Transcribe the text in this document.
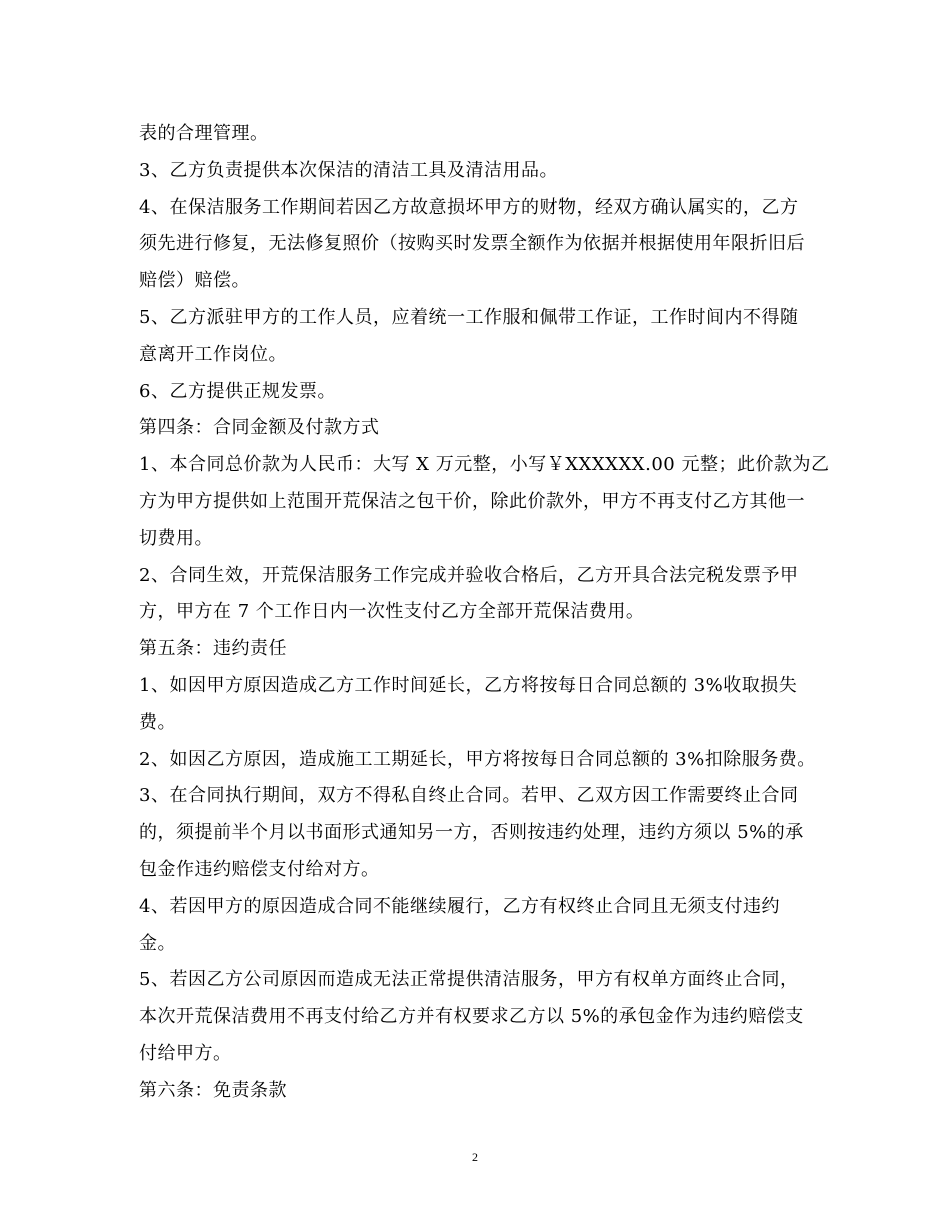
表的合理管理。

3、乙方负责提供本次保洁的清洁工具及清洁用品。

4、在保洁服务工作期间若因乙方故意损坏甲方的财物，经双方确认属实的，乙方
须先进行修复，无法修复照价（按购买时发票全额作为依据并根据使用年限折旧后
赔偿）赔偿。

5、乙方派驻甲方的工作人员，应着统一工作服和佩带工作证，工作时间内不得随
意离开工作岗位。

6、乙方提供正规发票。

第四条：合同金额及付款方式

1、本合同总价款为人民币：大写 X 万元整，小写￥XXXXXX.00 元整；此价款为乙
方为甲方提供如上范围开荒保洁之包干价，除此价款外，甲方不再支付乙方其他一
切费用。

2、合同生效，开荒保洁服务工作完成并验收合格后，乙方开具合法完税发票予甲
方，甲方在 7 个工作日内一次性支付乙方全部开荒保洁费用。

第五条：违约责任

1、如因甲方原因造成乙方工作时间延长，乙方将按每日合同总额的 3%收取损失
费。

2、如因乙方原因，造成施工工期延长，甲方将按每日合同总额的 3%扣除服务费。

3、在合同执行期间，双方不得私自终止合同。若甲、乙双方因工作需要终止合同
的，须提前半个月以书面形式通知另一方，否则按违约处理，违约方须以 5%的承
包金作违约赔偿支付给对方。

4、若因甲方的原因造成合同不能继续履行，乙方有权终止合同且无须支付违约
金。

5、若因乙方公司原因而造成无法正常提供清洁服务，甲方有权单方面终止合同，
本次开荒保洁费用不再支付给乙方并有权要求乙方以 5%的承包金作为违约赔偿支
付给甲方。

第六条：免责条款

2
